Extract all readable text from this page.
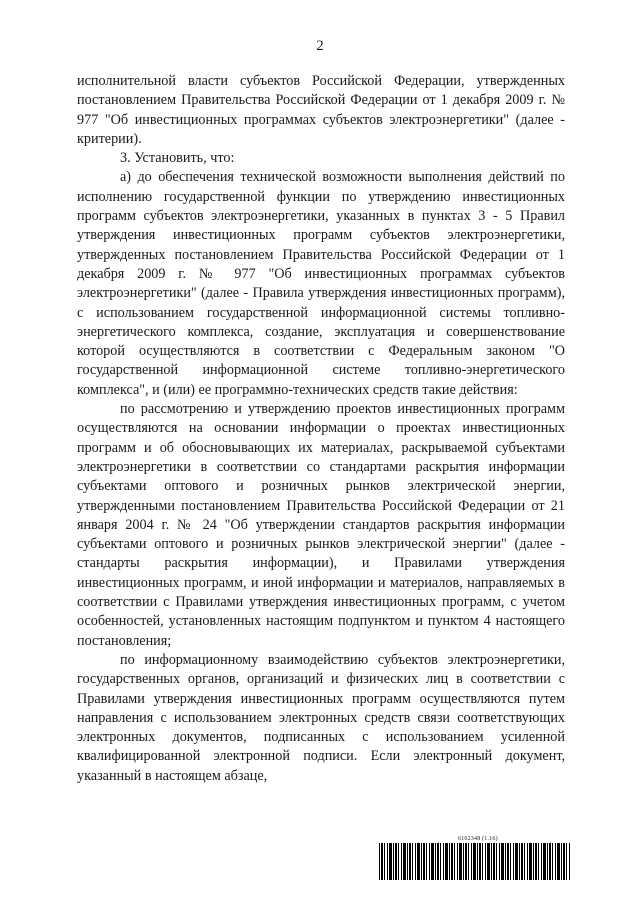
2

исполнительной власти субъектов Российской Федерации, утвержденных постановлением Правительства Российской Федерации от 1 декабря 2009 г. № 977 "Об инвестиционных программах субъектов электроэнергетики" (далее - критерии).

3. Установить, что:

а) до обеспечения технической возможности выполнения действий по исполнению государственной функции по утверждению инвестиционных программ субъектов электроэнергетики, указанных в пунктах 3 - 5 Правил утверждения инвестиционных программ субъектов электроэнергетики, утвержденных постановлением Правительства Российской Федерации от 1 декабря 2009 г. № 977 "Об инвестиционных программах субъектов электроэнергетики" (далее - Правила утверждения инвестиционных программ), с использованием государственной информационной системы топливно-энергетического комплекса, создание, эксплуатация и совершенствование которой осуществляются в соответствии с Федеральным законом "О государственной информационной системе топливно-энергетического комплекса", и (или) ее программно-технических средств такие действия:

по рассмотрению и утверждению проектов инвестиционных программ осуществляются на основании информации о проектах инвестиционных программ и об обосновывающих их материалах, раскрываемой субъектами электроэнергетики в соответствии со стандартами раскрытия информации субъектами оптового и розничных рынков электрической энергии, утвержденными постановлением Правительства Российской Федерации от 21 января 2004 г. № 24 "Об утверждении стандартов раскрытия информации субъектами оптового и розничных рынков электрической энергии" (далее - стандарты раскрытия информации), и Правилами утверждения инвестиционных программ, и иной информации и материалов, направляемых в соответствии с Правилами утверждения инвестиционных программ, с учетом особенностей, установленных настоящим подпунктом и пунктом 4 настоящего постановления;

по информационному взаимодействию субъектов электроэнергетики, государственных органов, организаций и физических лиц в соответствии с Правилами утверждения инвестиционных программ осуществляются путем направления с использованием электронных средств связи соответствующих электронных документов, подписанных с использованием усиленной квалифицированной электронной подписи. Если электронный документ, указанный в настоящем абзаце,

6102348 (1.16)
